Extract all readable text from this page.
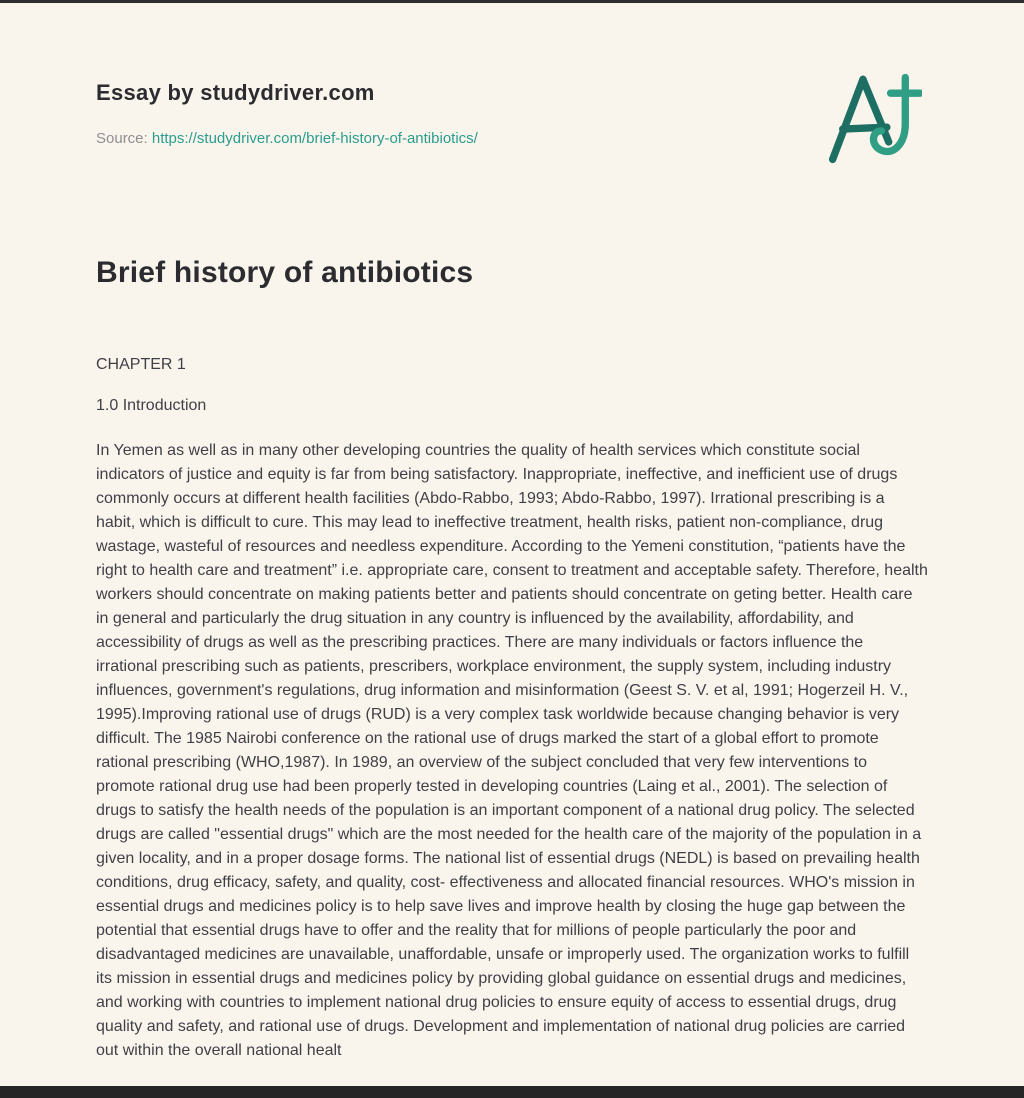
Essay by studydriver.com

Source: https://studydriver.com/brief-history-of-antibiotics/

Brief history of antibiotics

CHAPTER 1

1.0 Introduction

In Yemen as well as in many other developing countries the quality of health services which constitute social indicators of justice and equity is far from being satisfactory. Inappropriate, ineffective, and inefficient use of drugs commonly occurs at different health facilities (Abdo-Rabbo, 1993; Abdo-Rabbo, 1997). Irrational prescribing is a habit, which is difficult to cure. This may lead to ineffective treatment, health risks, patient non-compliance, drug wastage, wasteful of resources and needless expenditure. According to the Yemeni constitution, “patients have the right to health care and treatment” i.e. appropriate care, consent to treatment and acceptable safety. Therefore, health workers should concentrate on making patients better and patients should concentrate on geting better. Health care in general and particularly the drug situation in any country is influenced by the availability, affordability, and accessibility of drugs as well as the prescribing practices. There are many individuals or factors influence the irrational prescribing such as patients, prescribers, workplace environment, the supply system, including industry influences, government's regulations, drug information and misinformation (Geest S. V. et al, 1991; Hogerzeil H. V., 1995).Improving rational use of drugs (RUD) is a very complex task worldwide because changing behavior is very difficult. The 1985 Nairobi conference on the rational use of drugs marked the start of a global effort to promote rational prescribing (WHO,1987). In 1989, an overview of the subject concluded that very few interventions to promote rational drug use had been properly tested in developing countries (Laing et al., 2001). The selection of drugs to satisfy the health needs of the population is an important component of a national drug policy. The selected drugs are called "essential drugs" which are the most needed for the health care of the majority of the population in a given locality, and in a proper dosage forms. The national list of essential drugs (NEDL) is based on prevailing health conditions, drug efficacy, safety, and quality, cost- effectiveness and allocated financial resources. WHO's mission in essential drugs and medicines policy is to help save lives and improve health by closing the huge gap between the potential that essential drugs have to offer and the reality that for millions of people particularly the poor and disadvantaged medicines are unavailable, unaffordable, unsafe or improperly used. The organization works to fulfill its mission in essential drugs and medicines policy by providing global guidance on essential drugs and medicines, and working with countries to implement national drug policies to ensure equity of access to essential drugs, drug quality and safety, and rational use of drugs. Development and implementation of national drug policies are carried out within the overall national healt
